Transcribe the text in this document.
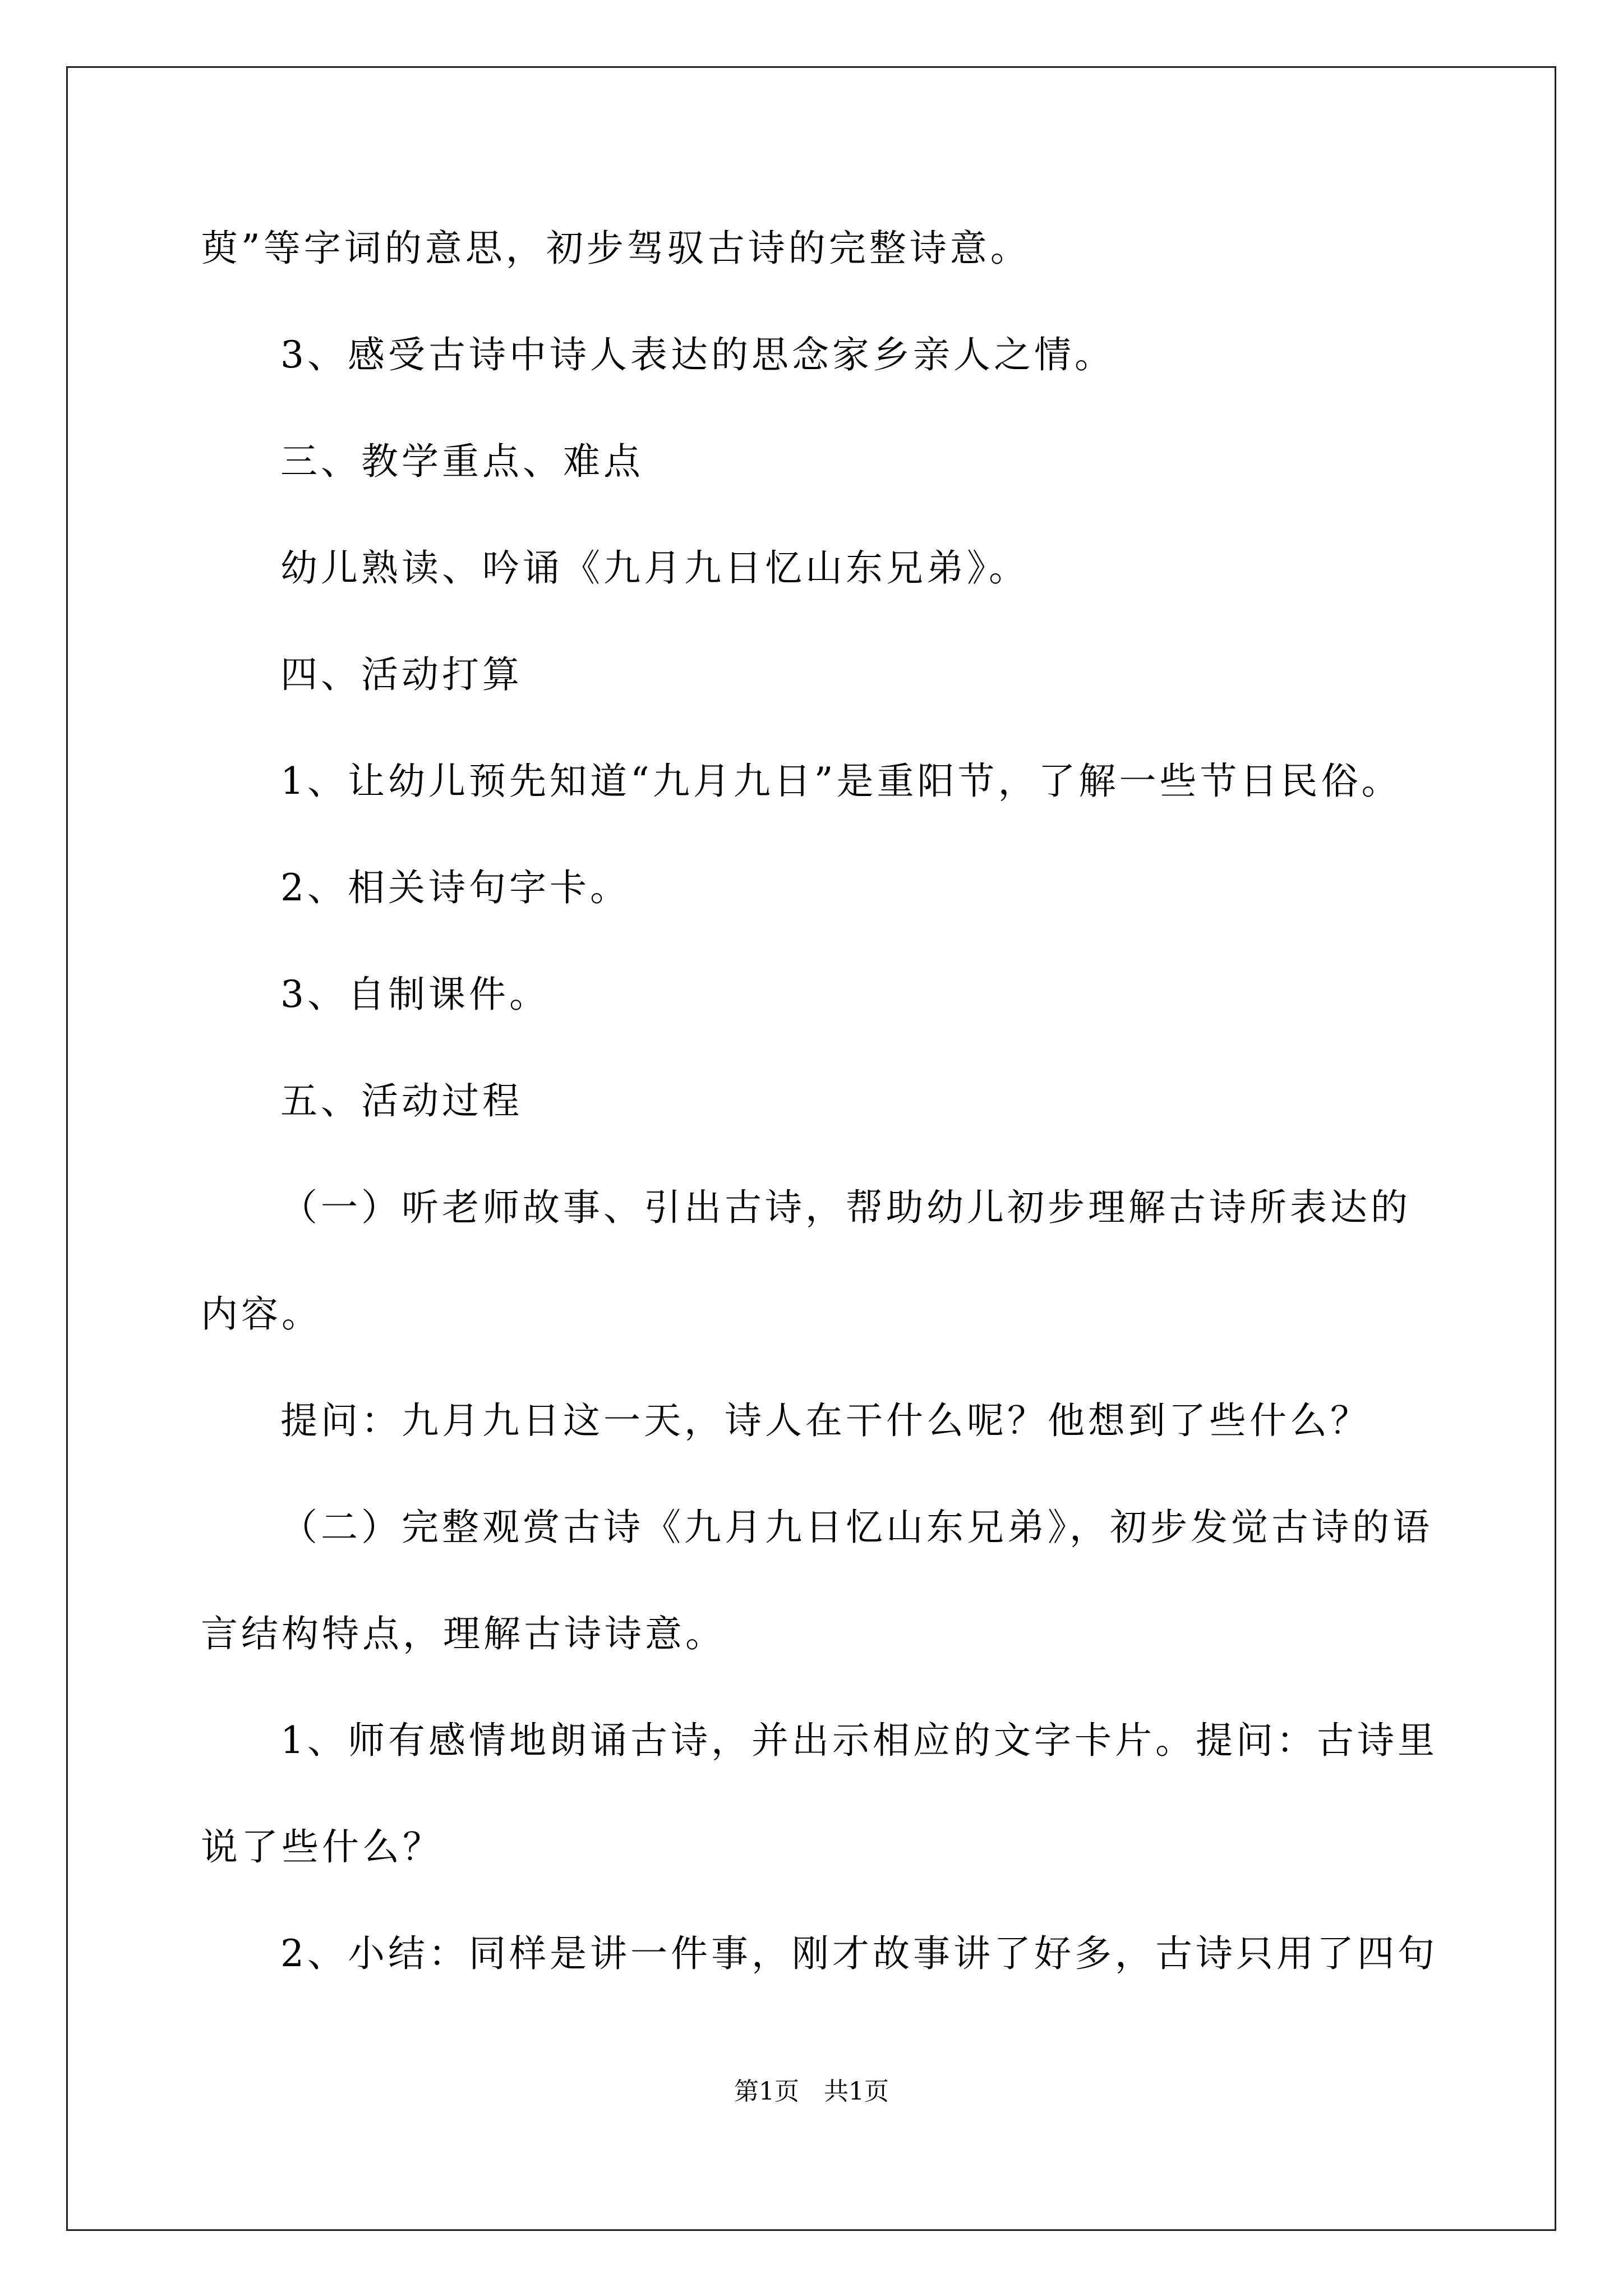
萸”等字词的意思，初步驾驭古诗的完整诗意。
3、感受古诗中诗人表达的思念家乡亲人之情。
三、教学重点、难点
幼儿熟读、吟诵《九月九日忆山东兄弟》。
四、活动打算
1、让幼儿预先知道“九月九日”是重阳节，了解一些节日民俗。
2、相关诗句字卡。
3、自制课件。
五、活动过程
（一）听老师故事、引出古诗，帮助幼儿初步理解古诗所表达的
内容。
提问：九月九日这一天，诗人在干什么呢？他想到了些什么？
（二）完整观赏古诗《九月九日忆山东兄弟》，初步发觉古诗的语
言结构特点，理解古诗诗意。
1、师有感情地朗诵古诗，并出示相应的文字卡片。提问：古诗里
说了些什么？
2、小结：同样是讲一件事，刚才故事讲了好多，古诗只用了四句
第1页　共1页
